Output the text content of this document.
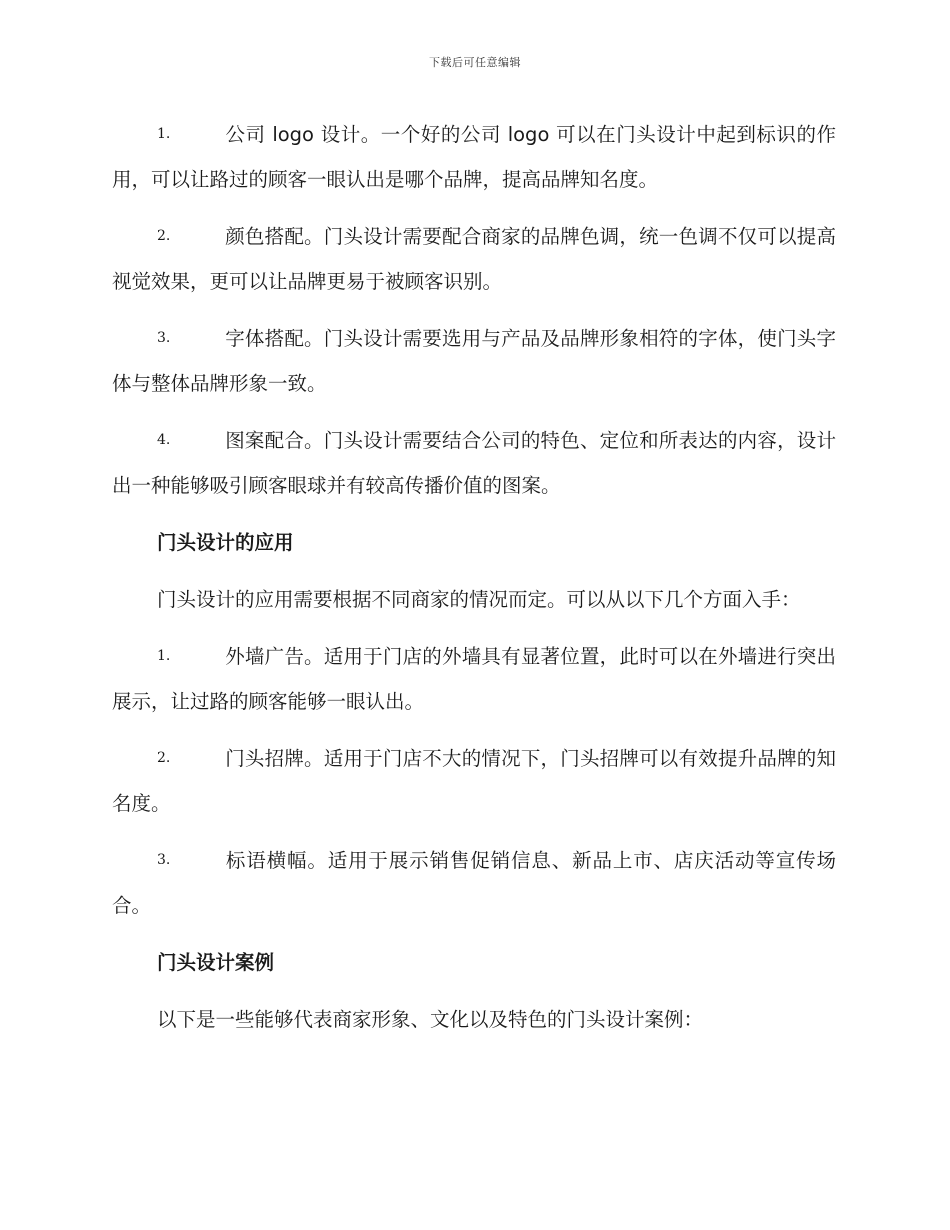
下载后可任意编辑

1.	公司 logo 设计。一个好的公司 logo 可以在门头设计中起到标识的作用，可以让路过的顾客一眼认出是哪个品牌，提高品牌知名度。

2.	颜色搭配。门头设计需要配合商家的品牌色调，统一色调不仅可以提高视觉效果，更可以让品牌更易于被顾客识别。

3.	字体搭配。门头设计需要选用与产品及品牌形象相符的字体，使门头字体与整体品牌形象一致。

4.	图案配合。门头设计需要结合公司的特色、定位和所表达的内容，设计出一种能够吸引顾客眼球并有较高传播价值的图案。

门头设计的应用

门头设计的应用需要根据不同商家的情况而定。可以从以下几个方面入手：

1.	外墙广告。适用于门店的外墙具有显著位置，此时可以在外墙进行突出展示，让过路的顾客能够一眼认出。

2.	门头招牌。适用于门店不大的情况下，门头招牌可以有效提升品牌的知名度。

3.	标语横幅。适用于展示销售促销信息、新品上市、店庆活动等宣传场合。

门头设计案例

以下是一些能够代表商家形象、文化以及特色的门头设计案例：
